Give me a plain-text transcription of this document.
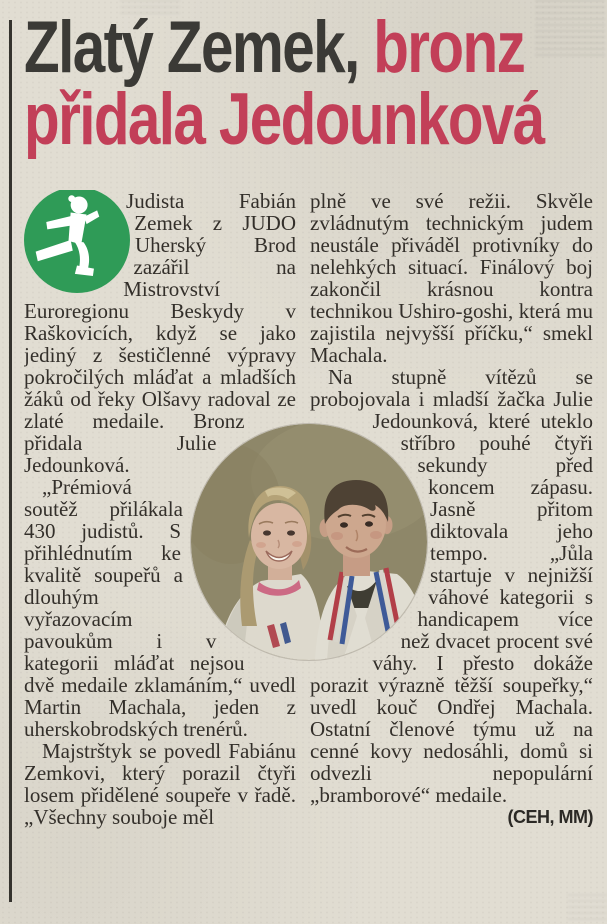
Zlatý Zemek, bronz
přidala Jedounková

Judista Fabián Zemek z JUDO Uherský Brod zazářil na Mistrovství Euroregionu Beskydy v Raškovicích, když se jako jediný z šestičlenné výpravy pokročilých mláďat a mladších žáků od řeky Olšavy radoval ze zlaté medaile. Bronz přidala Julie Jedounková.

„Prémiová soutěž přilákala 430 judistů. S přihlédnutím ke kvalitě soupeřů a dlouhým vyřazovacím pavoukům i v kategorii mláďat nejsou dvě medaile zklamáním,“ uvedl Martin Machala, jeden z uherskobrodských trenérů.

Majstrštyk se povedl Fabiánu Zemkovi, který porazil čtyři losem přidělené soupeře v řadě. „Všechny souboje měl

plně ve své režii. Skvěle zvládnutým technickým judem neustále přiváděl protivníky do nelehkých situací. Finálový boj zakončil krásnou kontra technikou Ushiro-goshi, která mu zajistila nejvyšší příčku,“ smekl Machala.

Na stupně vítězů se probojovala i mladší žačka Julie Jedounková, které uteklo stříbro pouhé čtyři sekundy před koncem zápasu. Jasně přitom diktovala jeho tempo. „Jůla startuje v nejnižší váhové kategorii s handicapem více než dvacet procent své váhy. I přesto dokáže porazit výrazně těžší soupeřky,“ uvedl kouč Ondřej Machala. Ostatní členové týmu už na cenné kovy nedosáhli, domů si odvezli nepopulární „bramborové“ medaile.
(CEH, MM)
